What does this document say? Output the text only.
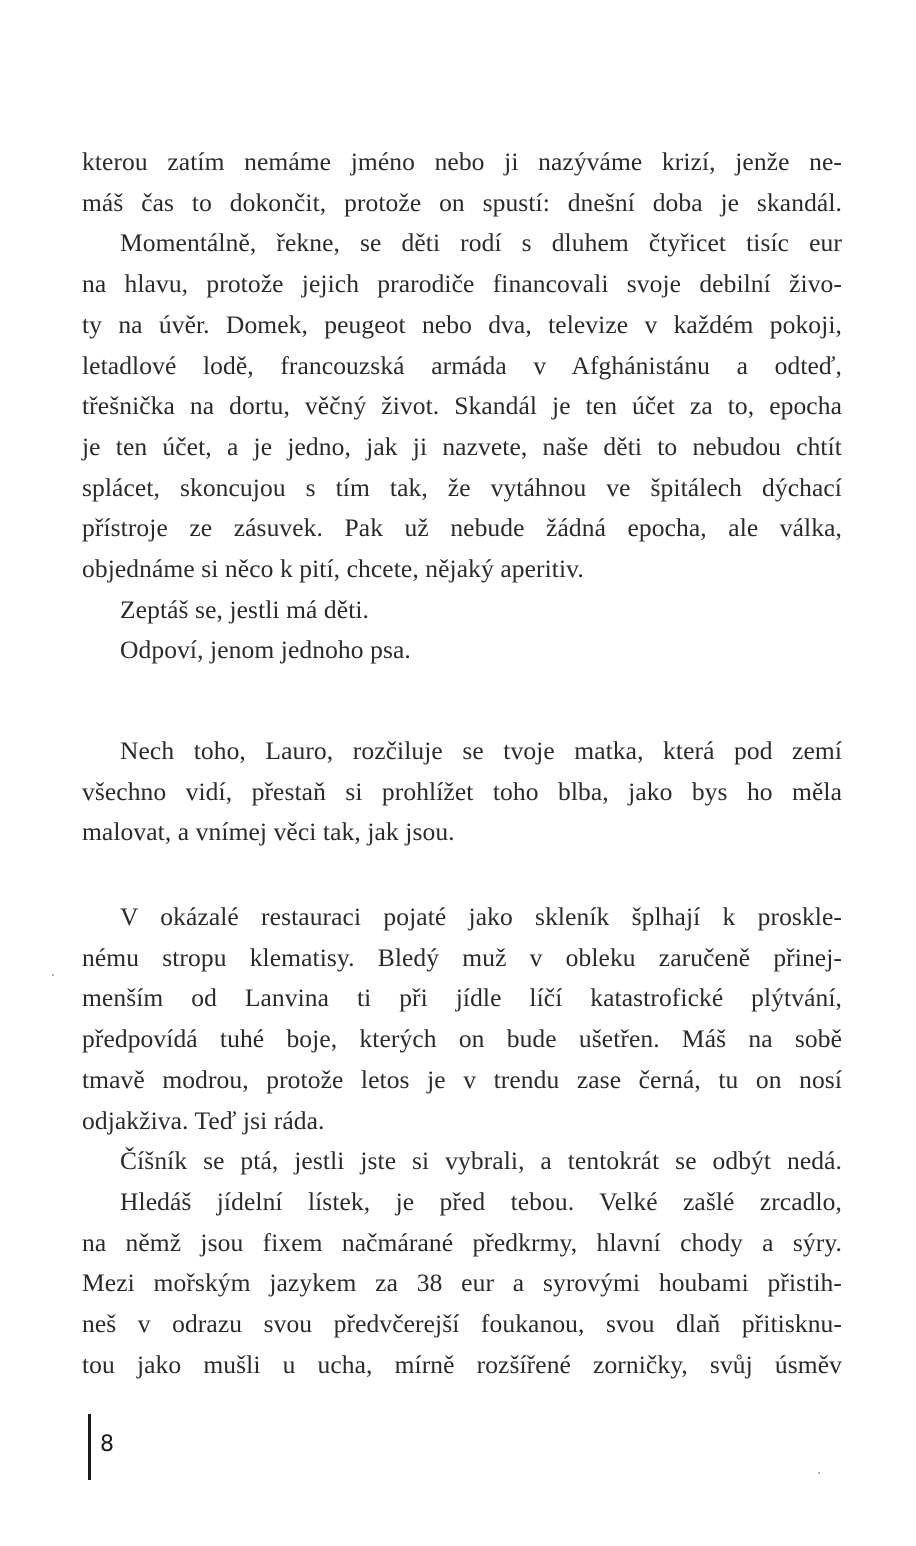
kterou zatím nemáme jméno nebo ji nazýváme krizí, jenže ne-
máš čas to dokončit, protože on spustí: dnešní doba je skandál.

Momentálně, řekne, se děti rodí s dluhem čtyřicet tisíc eur
na hlavu, protože jejich prarodiče financovali svoje debilní živo-
ty na úvěr. Domek, peugeot nebo dva, televize v každém pokoji,
letadlové lodě, francouzská armáda v Afghánistánu a odteď,
třešnička na dortu, věčný život. Skandál je ten účet za to, epocha
je ten účet, a je jedno, jak ji nazvete, naše děti to nebudou chtít
splácet, skoncujou s tím tak, že vytáhnou ve špitálech dýchací
přístroje ze zásuvek. Pak už nebude žádná epocha, ale válka,
objednáme si něco k pití, chcete, nějaký aperitiv.

Zeptáš se, jestli má děti.

Odpoví, jenom jednoho psa.

Nech toho, Lauro, rozčiluje se tvoje matka, která pod zemí
všechno vidí, přestaň si prohlížet toho blba, jako bys ho měla
malovat, a vnímej věci tak, jak jsou.

V okázalé restauraci pojaté jako skleník šplhají k prosklе-
nému stropu klematisy. Bledý muž v obleku zaručeně přinej-
menším od Lanvina ti při jídle líčí katastrofické plýtvání,
předpovídá tuhé boje, kterých on bude ušetřen. Máš na sobě
tmavě modrou, protože letos je v trendu zase černá, tu on nosí
odjakživa. Teď jsi ráda.

Číšník se ptá, jestli jste si vybrali, a tentokrát se odbýt nedá.

Hledáš jídelní lístek, je před tebou. Velké zašlé zrcadlo,
na němž jsou fixem načmárané předkrmy, hlavní chody a sýry.
Mezi mořským jazykem za 38 eur a syrovými houbami přistih-
neš v odrazu svou předvčerejší foukanou, svou dlaň přitisknu-
tou jako mušli u ucha, mírně rozšířené zorničky, svůj úsměv

8
